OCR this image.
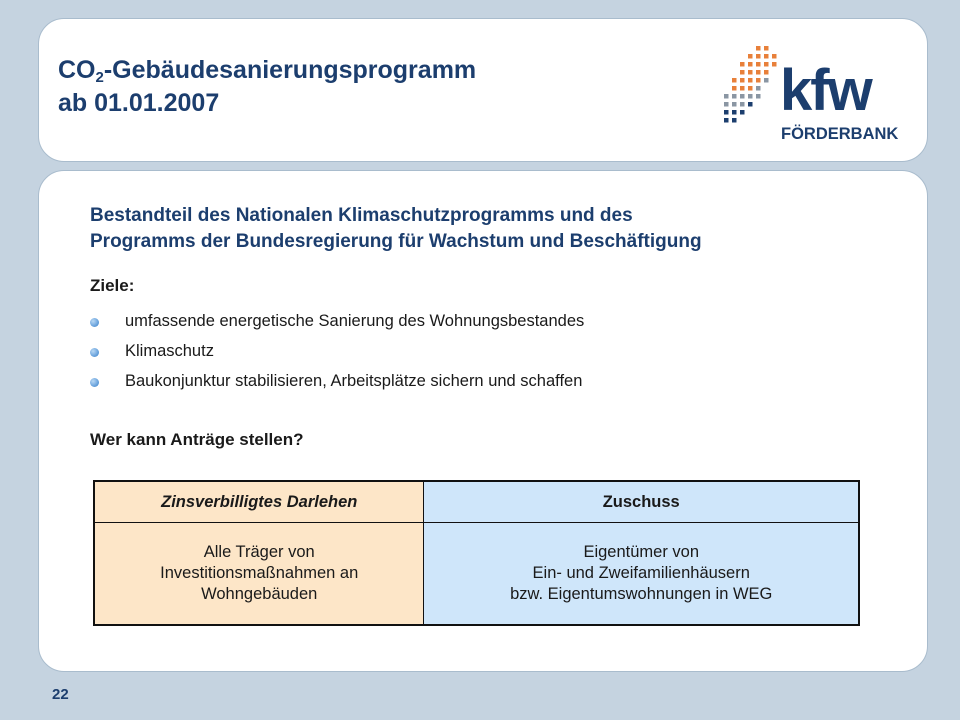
$CO_2$-Gebäudesanierungsprogramm
ab 01.01.2007	kfw
FÖRDERBANK
Bestandteil des Nationalen Klimaschutzprogramms und des
Programms der Bundesregierung für Wachstum und Beschäftigung
Ziele:
umfassende energetische Sanierung des Wohnungsbestandes
Klimaschutz
Baukonjunktur stabilisieren, Arbeitsplätze sichern und schaffen
Wer kann Anträge stellen?
Zinsverbilligtes Darlehen	Zuschuss
Alle Träger von
Investitionsmaßnahmen an
Wohngebäuden	Eigentümer von
Ein- und Zweifamilienhäusern
bzw. Eigentumswohnungen in WEG
22
